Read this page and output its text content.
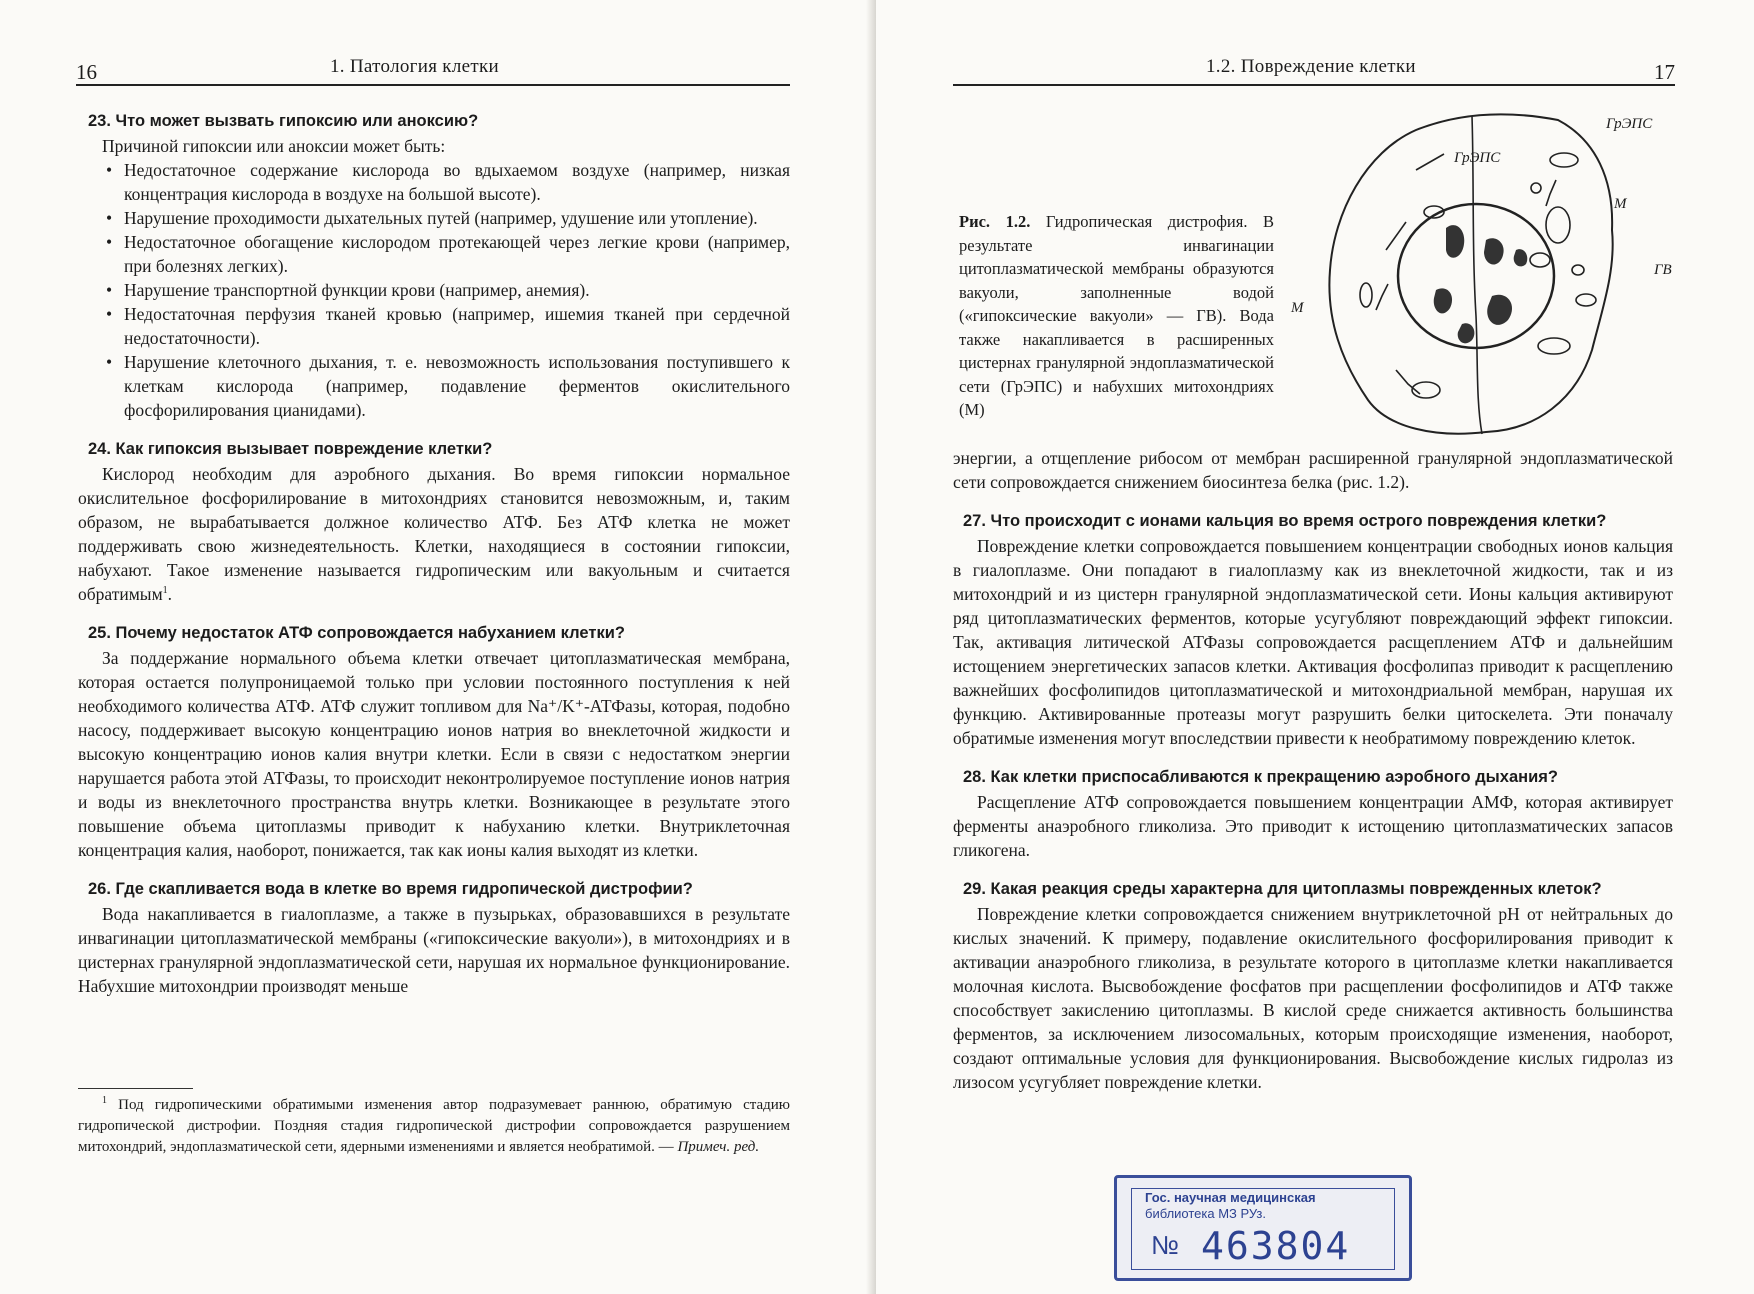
16	1. Патология клетки
23. Что может вызвать гипоксию или аноксию?

Причиной гипоксии или аноксии может быть:

• Недостаточное содержание кислорода во вдыхаемом воздухе (например, низкая концентрация кислорода в воздухе на большой высоте).
• Нарушение проходимости дыхательных путей (например, удушение или утопление).
• Недостаточное обогащение кислородом протекающей через легкие крови (например, при болезнях легких).
• Нарушение транспортной функции крови (например, анемия).
• Недостаточная перфузия тканей кровью (например, ишемия тканей при сердечной недостаточности).
• Нарушение клеточного дыхания, т. е. невозможность использования поступившего к клеткам кислорода (например, подавление ферментов окислительного фосфорилирования цианидами).
24. Как гипоксия вызывает повреждение клетки?

Кислород необходим для аэробного дыхания. Во время гипоксии нормальное окислительное фосфорилирование в митохондриях становится невозможным, и, таким образом, не вырабатывается должное количество АТФ. Без АТФ клетка не может поддерживать свою жизнедеятельность. Клетки, находящиеся в состоянии гипоксии, набухают. Такое изменение называется гидропическим или вакуольным и считается обратимым$^1$.

25. Почему недостаток АТФ сопровождается набуханием клетки?

За поддержание нормального объема клетки отвечает цитоплазматическая мембрана, которая остается полупроницаемой только при условии постоянного поступления к ней необходимого количества АТФ. АТФ служит топливом для Na⁺/K⁺-АТФазы, которая, подобно насосу, поддерживает высокую концентрацию ионов натрия во внеклеточной жидкости и высокую концентрацию ионов калия внутри клетки. Если в связи с недостатком энергии нарушается работа этой АТФазы, то происходит неконтролируемое поступление ионов натрия и воды из внеклеточного пространства внутрь клетки. Возникающее в результате этого повышение объема цитоплазмы приводит к набуханию клетки. Внутриклеточная концентрация калия, наоборот, понижается, так как ионы калия выходят из клетки.

26. Где скапливается вода в клетке во время гидропической дистрофии?

Вода накапливается в гиалоплазме, а также в пузырьках, образовавшихся в результате инвагинации цитоплазматической мембраны («гипоксические вакуоли»), в митохондриях и в цистернах гранулярной эндоплазматической сети, нарушая их нормальное функционирование. Набухшие митохондрии производят меньше

$^1$ Под гидропическими обратимыми изменения автор подразумевает раннюю, обратимую стадию гидропической дистрофии. Поздняя стадия гидропической дистрофии сопровождается разрушением митохондрий, эндоплазматической сети, ядерными изменениями и является необратимой. — Примеч. ред.
1.2. Повреждение клетки	17
Рис. 1.2. Гидропическая дистрофия. В результате инвагинации цитоплазматической мембраны образуются вакуоли, заполненные водой («гипоксические вакуоли» — ГВ). Вода также накапливается в расширенных цистернах гранулярной эндоплазматической сети (ГрЭПС) и набухших митохондриях (М)
ГрЭПС
ГрЭПС
М
ГВ
М

энергии, а отщепление рибосом от мембран расширенной гранулярной эндоплазматической сети сопровождается снижением биосинтеза белка (рис. 1.2).

27. Что происходит с ионами кальция во время острого повреждения клетки?

Повреждение клетки сопровождается повышением концентрации свободных ионов кальция в гиалоплазме. Они попадают в гиалоплазму как из внеклеточной жидкости, так и из митохондрий и из цистерн гранулярной эндоплазматической сети. Ионы кальция активируют ряд цитоплазматических ферментов, которые усугубляют повреждающий эффект гипоксии. Так, активация литической АТФазы сопровождается расщеплением АТФ и дальнейшим истощением энергетических запасов клетки. Активация фосфолипаз приводит к расщеплению важнейших фосфолипидов цитоплазматической и митохондриальной мембран, нарушая их функцию. Активированные протеазы могут разрушить белки цитоскелета. Эти поначалу обратимые изменения могут впоследствии привести к необратимому повреждению клеток.

28. Как клетки приспосабливаются к прекращению аэробного дыхания?

Расщепление АТФ сопровождается повышением концентрации АМФ, которая активирует ферменты анаэробного гликолиза. Это приводит к истощению цитоплазматических запасов гликогена.

29. Какая реакция среды характерна для цитоплазмы поврежденных клеток?

Повреждение клетки сопровождается снижением внутриклеточной pH от нейтральных до кислых значений. К примеру, подавление окислительного фосфорилирования приводит к активации анаэробного гликолиза, в результате которого в цитоплазме клетки накапливается молочная кислота. Высвобождение фосфатов при расщеплении фосфолипидов и АТФ также способствует закислению цитоплазмы. В кислой среде снижается активность большинства ферментов, за исключением лизосомальных, которым происходящие изменения, наоборот, создают оптимальные условия для функционирования. Высвобождение кислых гидролаз из лизосом усугубляет повреждение клетки.

Гос. научная медицинская
библиотека МЗ РУз.
№ 463804
